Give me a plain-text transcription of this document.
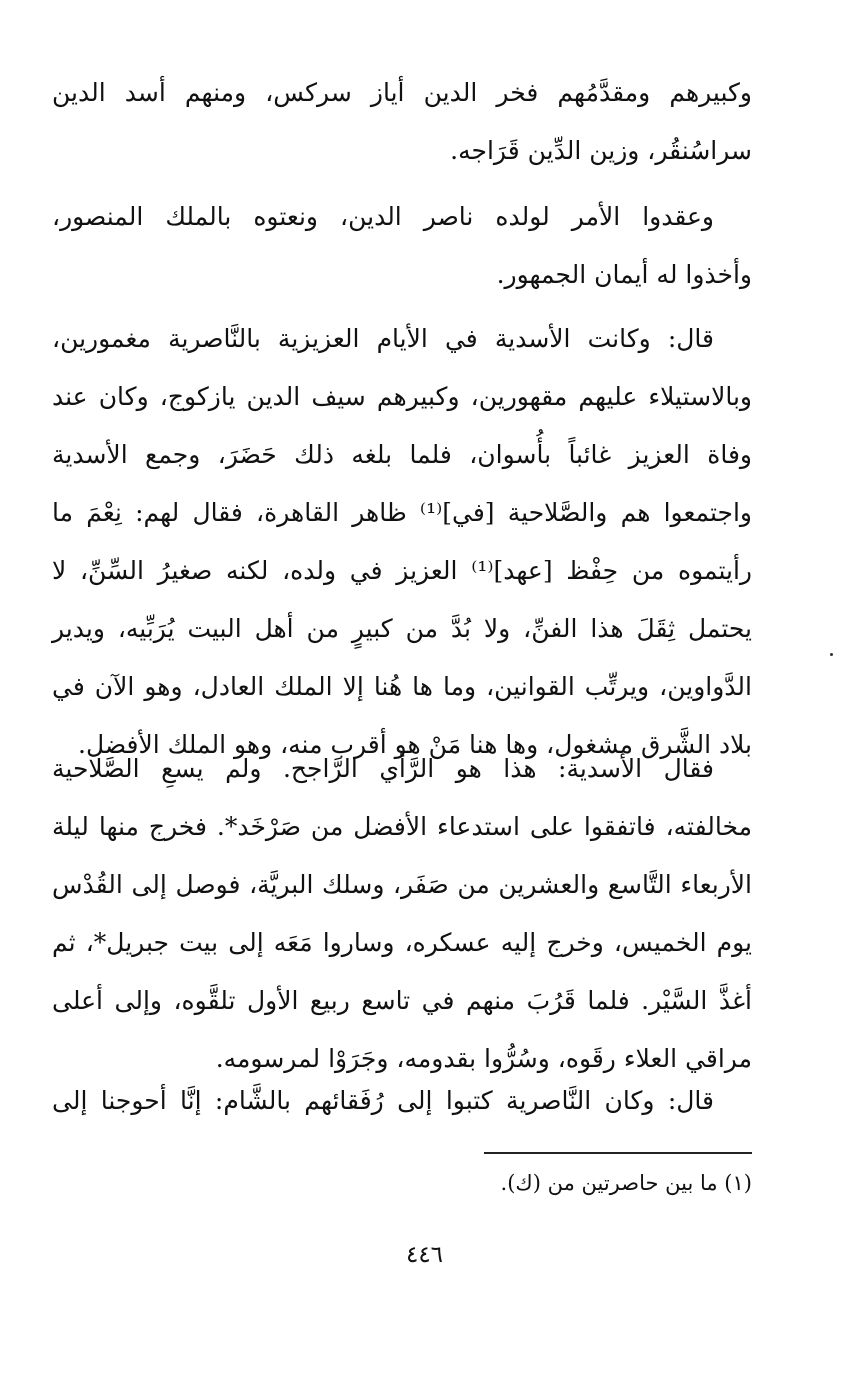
وكبيرهم ومقدَّمُهم فخر الدين أياز سركس، ومنهم أسد الدين
سراسُنقُر، وزين الدِّين قَرَاجه.
وعقدوا الأمر لولده ناصر الدين، ونعتوه بالملك المنصور،
وأخذوا له أيمان الجمهور.
قال: وكانت الأسدية في الأيام العزيزية بالنَّاصرية مغمورين،
وبالاستيلاء عليهم مقهورين، وكبيرهم سيف الدين يازكوج، وكان عند
وفاة العزيز غائباً بأُسوان، فلما بلغه ذلك حَضَرَ، وجمع الأسدية
واجتمعوا هم والصَّلاحية [في]⁽¹⁾ ظاهر القاهرة، فقال لهم: نِعْمَ ما
رأيتموه من حِفْظ [عهد]⁽¹⁾ العزيز في ولده، لكنه صغيرُ السِّنِّ، لا
يحتمل ثِقَلَ هذا الفنِّ، ولا بُدَّ من كبيرٍ من أهل البيت يُرَبِّيه، ويدير
الدَّواوين، ويرتِّب القوانين، وما ها هُنا إلا الملك العادل، وهو الآن في
بلاد الشَّرق مشغول، وها هنا مَنْ هو أقرب منه، وهو الملك الأفضل.
فقال الأسدية: هذا هو الرَّأي الرَّاجح. ولم يسعِ الصَّلاحية
مخالفته، فاتفقوا على استدعاء الأفضل من صَرْخَد*. فخرج منها ليلة
الأربعاء التَّاسع والعشرين من صَفَر، وسلك البريَّة، فوصل إلى القُدْس
يوم الخميس، وخرج إليه عسكره، وساروا مَعَه إلى بيت جبريل*، ثم
أغذَّ السَّيْر. فلما قَرُبَ منهم في تاسع ربيع الأول تلقَّوه، وإلى أعلى
مراقي العلاء رقَوه، وسُرُّوا بقدومه، وجَرَوْا لمرسومه.
قال: وكان النَّاصرية كتبوا إلى رُفَقائهم بالشَّام: إنَّا أحوجنا إلى
(١) ما بين حاصرتين من (ك).
٤٤٦
